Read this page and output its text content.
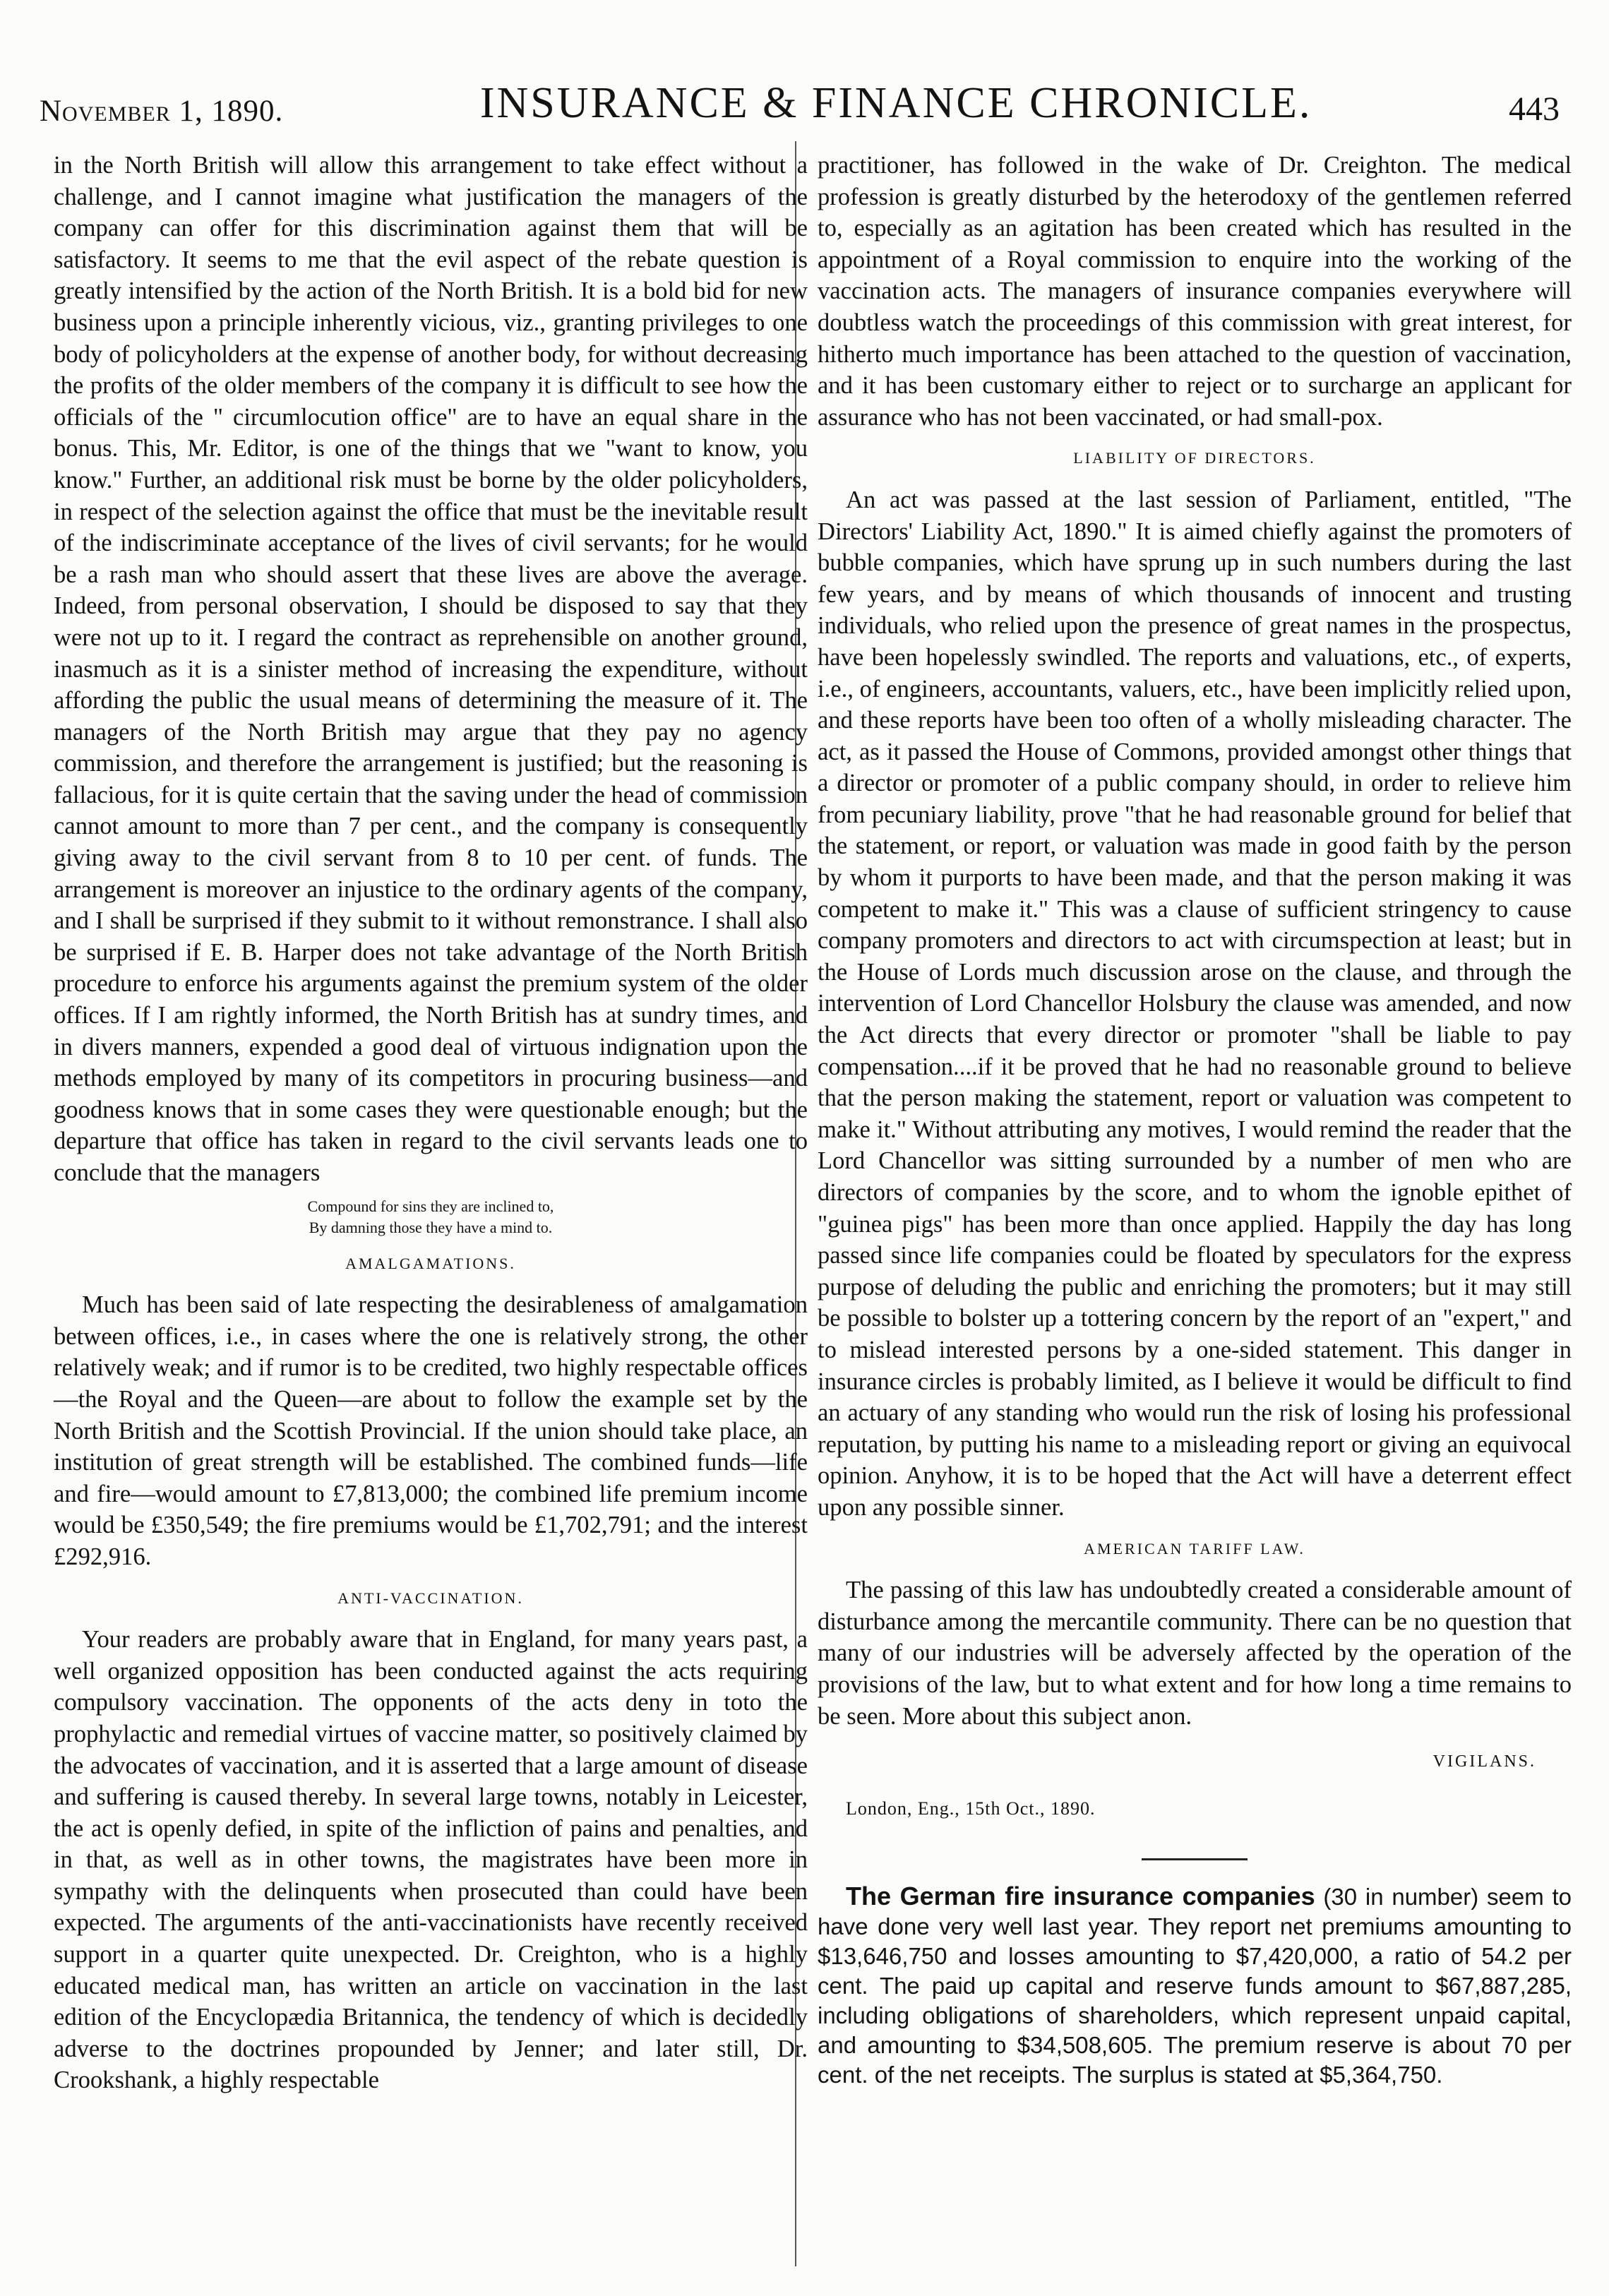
November 1, 1890.	INSURANCE & FINANCE CHRONICLE.	443

in the North British will allow this arrangement to take effect without a challenge, and I cannot imagine what justification the managers of the company can offer for this discrimination against them that will be satisfactory. It seems to me that the evil aspect of the rebate question is greatly intensified by the action of the North British. It is a bold bid for new business upon a principle inherently vicious, viz., granting privileges to one body of policyholders at the expense of another body, for without decreasing the profits of the older members of the company it is difficult to see how the officials of the " circumlocution office" are to have an equal share in the bonus. This, Mr. Editor, is one of the things that we "want to know, you know." Further, an additional risk must be borne by the older policyholders, in respect of the selection against the office that must be the inevitable result of the indiscriminate acceptance of the lives of civil servants; for he would be a rash man who should assert that these lives are above the average. Indeed, from personal observation, I should be disposed to say that they were not up to it. I regard the contract as reprehensible on another ground, inasmuch as it is a sinister method of increasing the expenditure, without affording the public the usual means of determining the measure of it. The managers of the North British may argue that they pay no agency commission, and therefore the arrangement is justified; but the reasoning is fallacious, for it is quite certain that the saving under the head of commission cannot amount to more than 7 per cent., and the company is consequently giving away to the civil servant from 8 to 10 per cent. of funds. The arrangement is moreover an injustice to the ordinary agents of the company, and I shall be surprised if they submit to it without remonstrance. I shall also be surprised if E. B. Harper does not take advantage of the North British procedure to enforce his arguments against the premium system of the older offices. If I am rightly informed, the North British has at sundry times, and in divers manners, expended a good deal of virtuous indignation upon the methods employed by many of its competitors in procuring business—and goodness knows that in some cases they were questionable enough; but the departure that office has taken in regard to the civil servants leads one to conclude that the managers

Compound for sins they are inclined to,
By damning those they have a mind to.
AMALGAMATIONS.

Much has been said of late respecting the desirableness of amalgamation between offices, i.e., in cases where the one is relatively strong, the other relatively weak; and if rumor is to be credited, two highly respectable offices—the Royal and the Queen—are about to follow the example set by the North British and the Scottish Provincial. If the union should take place, an institution of great strength will be established. The combined funds—life and fire—would amount to £7,813,000; the combined life premium income would be £350,549; the fire premiums would be £1,702,791; and the interest £292,916.

ANTI-VACCINATION.

Your readers are probably aware that in England, for many years past, a well organized opposition has been conducted against the acts requiring compulsory vaccination. The opponents of the acts deny in toto the prophylactic and remedial virtues of vaccine matter, so positively claimed by the advocates of vaccination, and it is asserted that a large amount of disease and suffering is caused thereby. In several large towns, notably in Leicester, the act is openly defied, in spite of the infliction of pains and penalties, and in that, as well as in other towns, the magistrates have been more in sympathy with the delinquents when prosecuted than could have been expected. The arguments of the anti-vaccinationists have recently received support in a quarter quite unexpected. Dr. Creighton, who is a highly educated medical man, has written an article on vaccination in the last edition of the Encyclopædia Britannica, the tendency of which is decidedly adverse to the doctrines propounded by Jenner; and later still, Dr. Crookshank, a highly respectable

practitioner, has followed in the wake of Dr. Creighton. The medical profession is greatly disturbed by the heterodoxy of the gentlemen referred to, especially as an agitation has been created which has resulted in the appointment of a Royal commission to enquire into the working of the vaccination acts. The managers of insurance companies everywhere will doubtless watch the proceedings of this commission with great interest, for hitherto much importance has been attached to the question of vaccination, and it has been customary either to reject or to surcharge an applicant for assurance who has not been vaccinated, or had small-pox.

LIABILITY OF DIRECTORS.

An act was passed at the last session of Parliament, entitled, "The Directors' Liability Act, 1890." It is aimed chiefly against the promoters of bubble companies, which have sprung up in such numbers during the last few years, and by means of which thousands of innocent and trusting individuals, who relied upon the presence of great names in the prospectus, have been hopelessly swindled. The reports and valuations, etc., of experts, i.e., of engineers, accountants, valuers, etc., have been implicitly relied upon, and these reports have been too often of a wholly misleading character. The act, as it passed the House of Commons, provided amongst other things that a director or promoter of a public company should, in order to relieve him from pecuniary liability, prove "that he had reasonable ground for belief that the statement, or report, or valuation was made in good faith by the person by whom it purports to have been made, and that the person making it was competent to make it." This was a clause of sufficient stringency to cause company promoters and directors to act with circumspection at least; but in the House of Lords much discussion arose on the clause, and through the intervention of Lord Chancellor Holsbury the clause was amended, and now the Act directs that every director or promoter "shall be liable to pay compensation....if it be proved that he had no reasonable ground to believe that the person making the statement, report or valuation was competent to make it." Without attributing any motives, I would remind the reader that the Lord Chancellor was sitting surrounded by a number of men who are directors of companies by the score, and to whom the ignoble epithet of "guinea pigs" has been more than once applied. Happily the day has long passed since life companies could be floated by speculators for the express purpose of deluding the public and enriching the promoters; but it may still be possible to bolster up a tottering concern by the report of an "expert," and to mislead interested persons by a one-sided statement. This danger in insurance circles is probably limited, as I believe it would be difficult to find an actuary of any standing who would run the risk of losing his professional reputation, by putting his name to a misleading report or giving an equivocal opinion. Anyhow, it is to be hoped that the Act will have a deterrent effect upon any possible sinner.

AMERICAN TARIFF LAW.

The passing of this law has undoubtedly created a considerable amount of disturbance among the mercantile community. There can be no question that many of our industries will be adversely affected by the operation of the provisions of the law, but to what extent and for how long a time remains to be seen. More about this subject anon.

VIGILANS.
London, Eng., 15th Oct., 1890.

The German fire insurance companies (30 in number) seem to have done very well last year. They report net premiums amounting to $13,646,750 and losses amounting to $7,420,000, a ratio of 54.2 per cent. The paid up capital and reserve funds amount to $67,887,285, including obligations of shareholders, which represent unpaid capital, and amounting to $34,508,605. The premium reserve is about 70 per cent. of the net receipts. The surplus is stated at $5,364,750.
